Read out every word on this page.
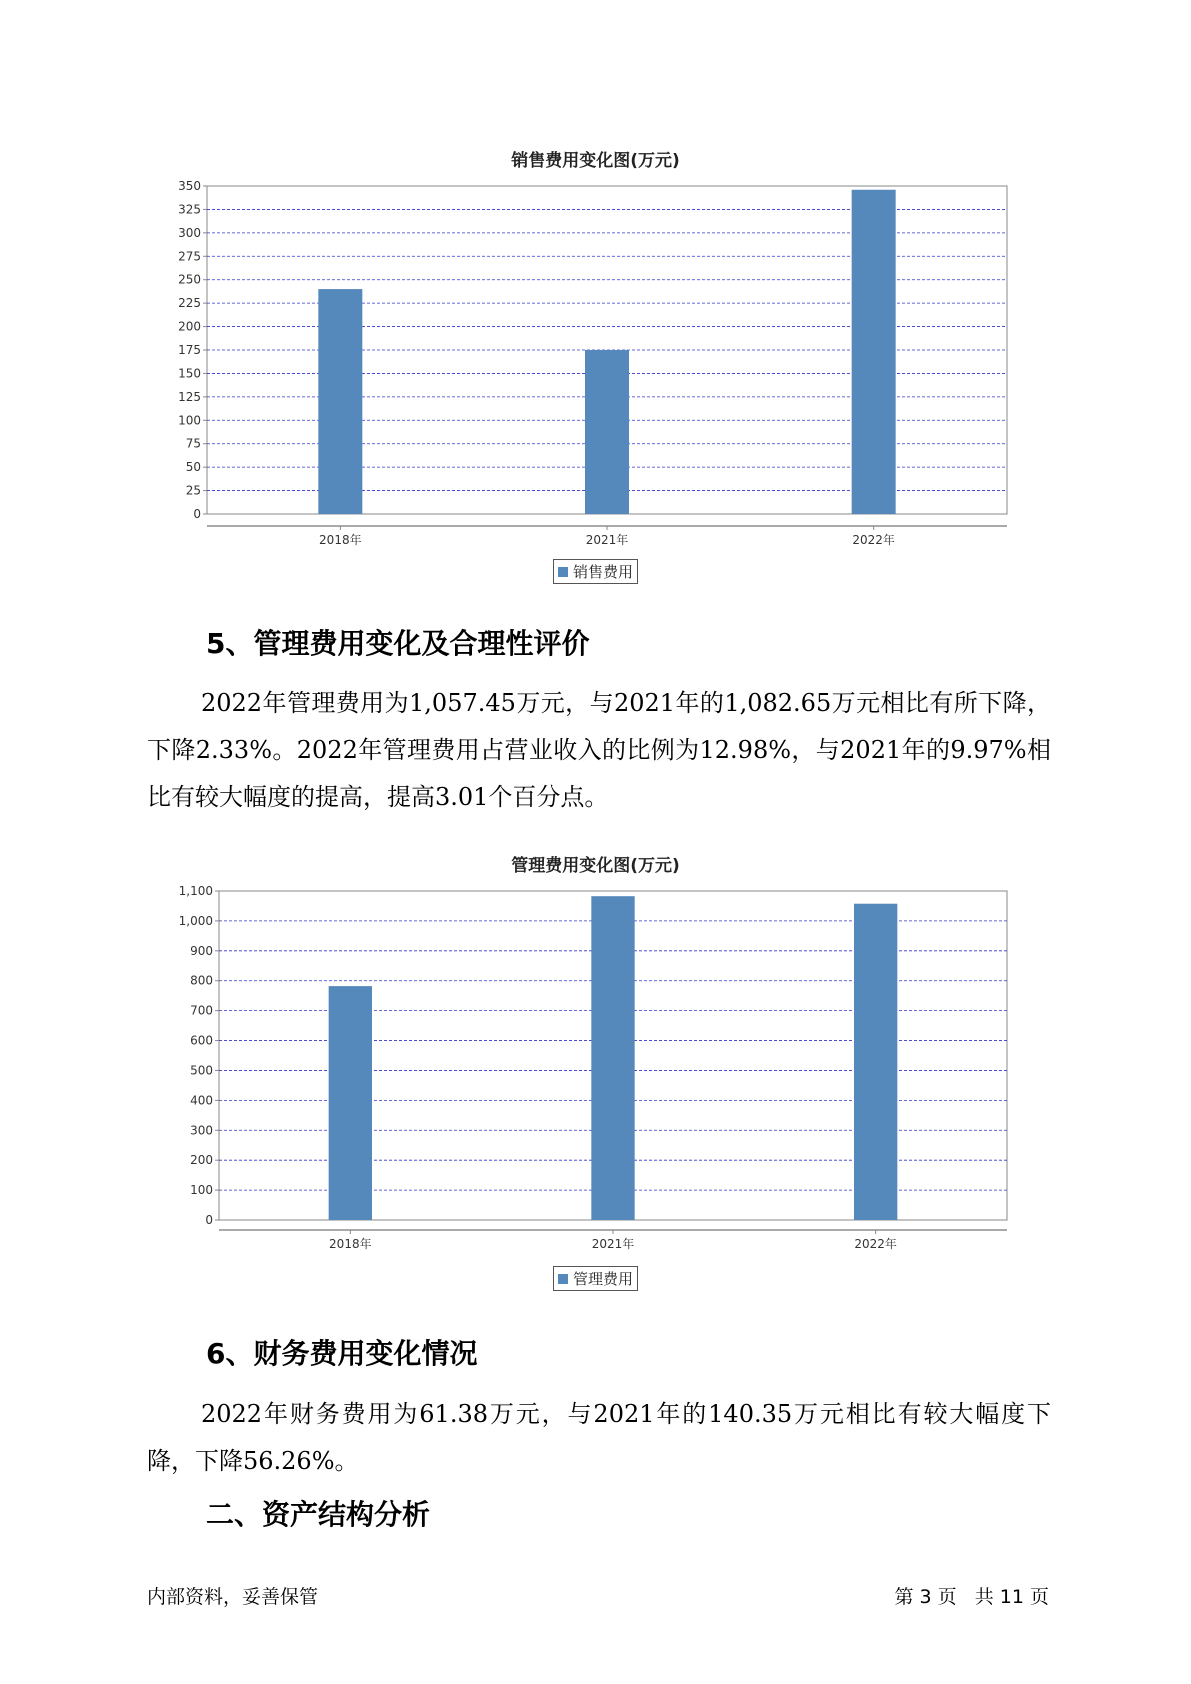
销售费用变化图(万元)
0
25
50
75
100
125
150
175
200
225
250
275
300
325
350
2018年	2021年	2022年
销售费用
5、管理费用变化及合理性评价

2022年管理费用为1,057.45万元，与2021年的1,082.65万元相比有所下降，下降2.33%。2022年管理费用占营业收入的比例为12.98%，与2021年的9.97%相比有较大幅度的提高，提高3.01个百分点。

管理费用变化图(万元)
0
100
200
300
400
500
600
700
800
900
1,000
1,100
2018年	2021年	2022年
管理费用
6、财务费用变化情况

2022年财务费用为61.38万元，与2021年的140.35万元相比有较大幅度下降，下降56.26%。

二、资产结构分析
内部资料，妥善保管	第 3 页   共 11 页
